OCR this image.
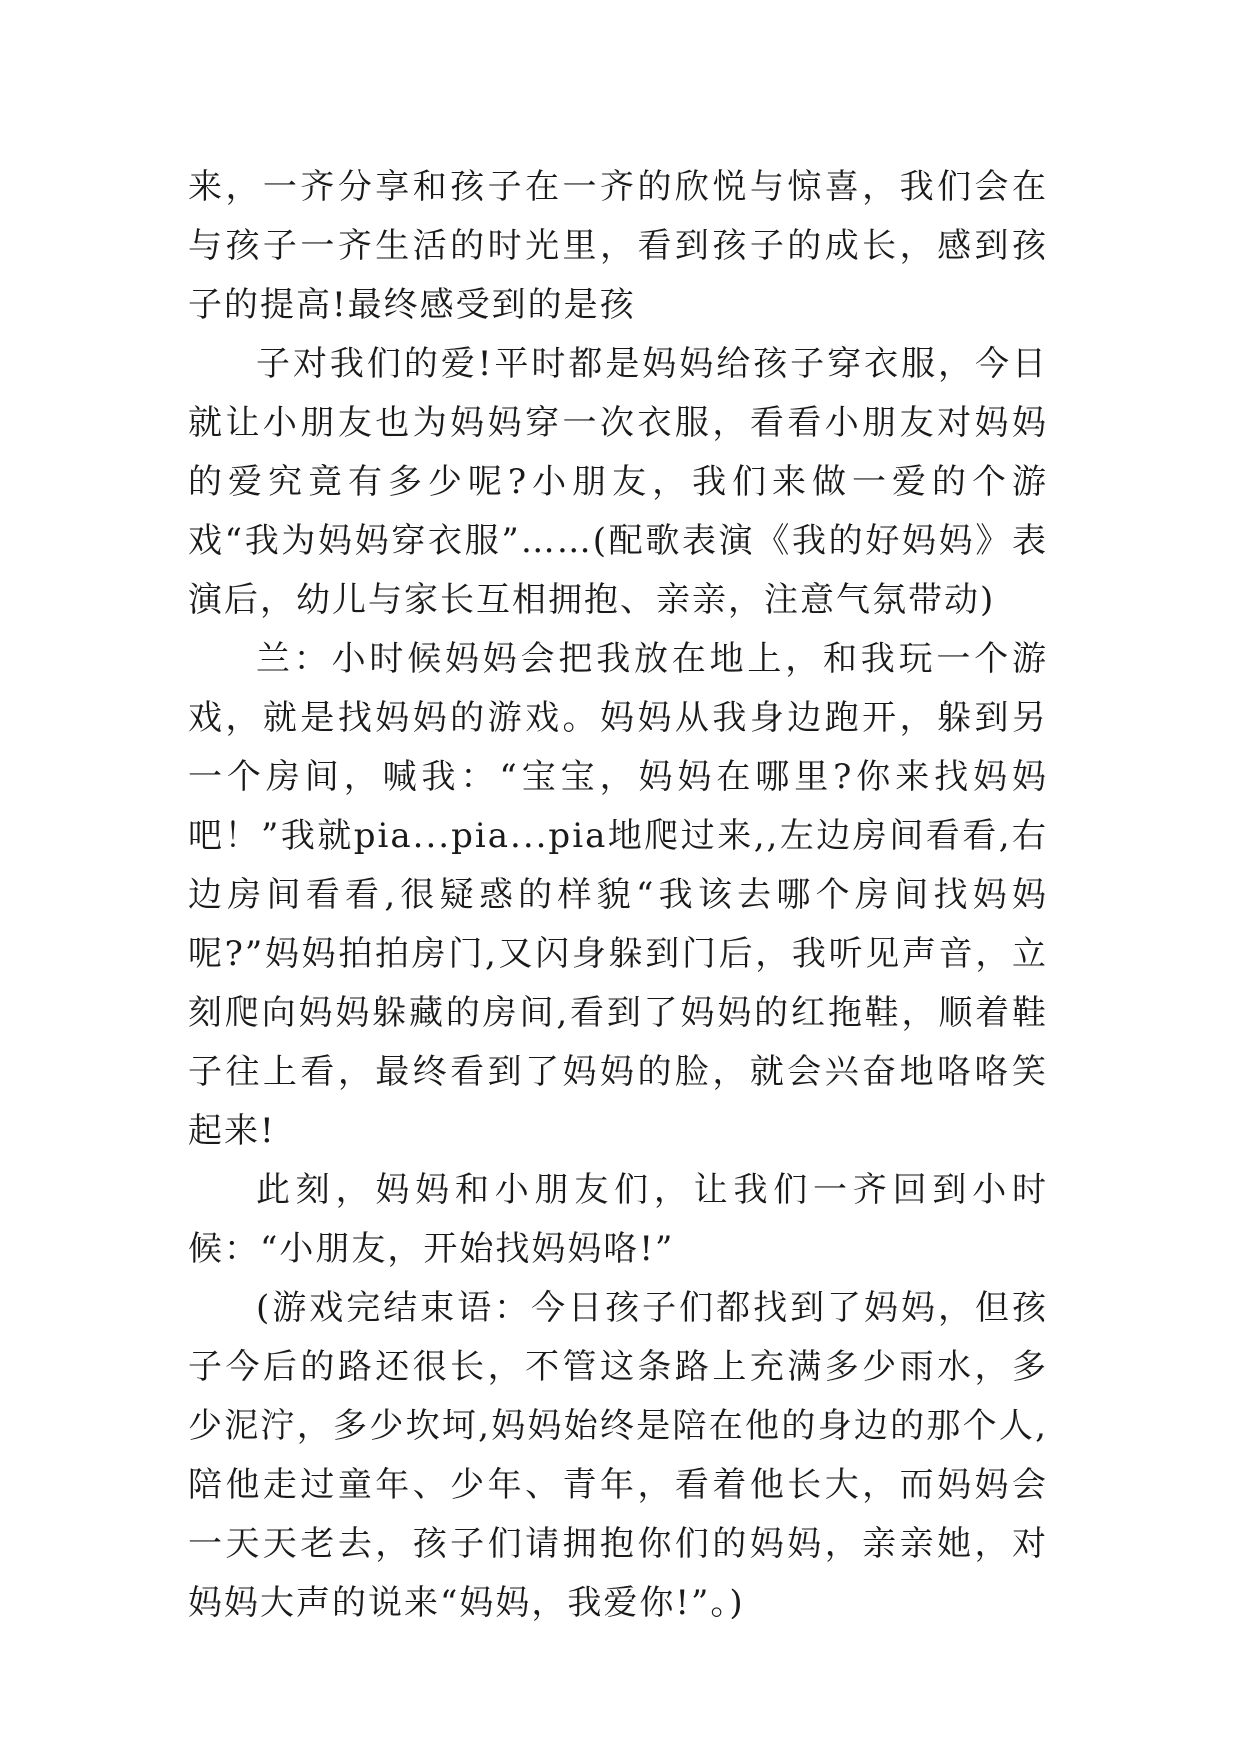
来，一齐分享和孩子在一齐的欣悦与惊喜，我们会在与孩子一齐生活的时光里，看到孩子的成长，感到孩子的提高!最终感受到的是孩

子对我们的爱!平时都是妈妈给孩子穿衣服，今日就让小朋友也为妈妈穿一次衣服，看看小朋友对妈妈的爱究竟有多少呢?小朋友，我们来做一爱的个游戏“我为妈妈穿衣服”……(配歌表演《我的好妈妈》表演后，幼儿与家长互相拥抱、亲亲，注意气氛带动)

兰：小时候妈妈会把我放在地上，和我玩一个游戏，就是找妈妈的游戏。妈妈从我身边跑开，躲到另一个房间，喊我：“宝宝，妈妈在哪里?你来找妈妈吧！”我就pia...pia...pia地爬过来,,左边房间看看,右边房间看看,很疑惑的样貌“我该去哪个房间找妈妈呢?”妈妈拍拍房门,又闪身躲到门后，我听见声音，立刻爬向妈妈躲藏的房间,看到了妈妈的红拖鞋，顺着鞋子往上看，最终看到了妈妈的脸，就会兴奋地咯咯笑起来!

此刻，妈妈和小朋友们，让我们一齐回到小时候：“小朋友，开始找妈妈咯!”

(游戏完结束语：今日孩子们都找到了妈妈，但孩子今后的路还很长，不管这条路上充满多少雨水，多少泥泞，多少坎坷,妈妈始终是陪在他的身边的那个人,陪他走过童年、少年、青年，看着他长大，而妈妈会一天天老去，孩子们请拥抱你们的妈妈，亲亲她，对妈妈大声的说来“妈妈，我爱你!”。)
